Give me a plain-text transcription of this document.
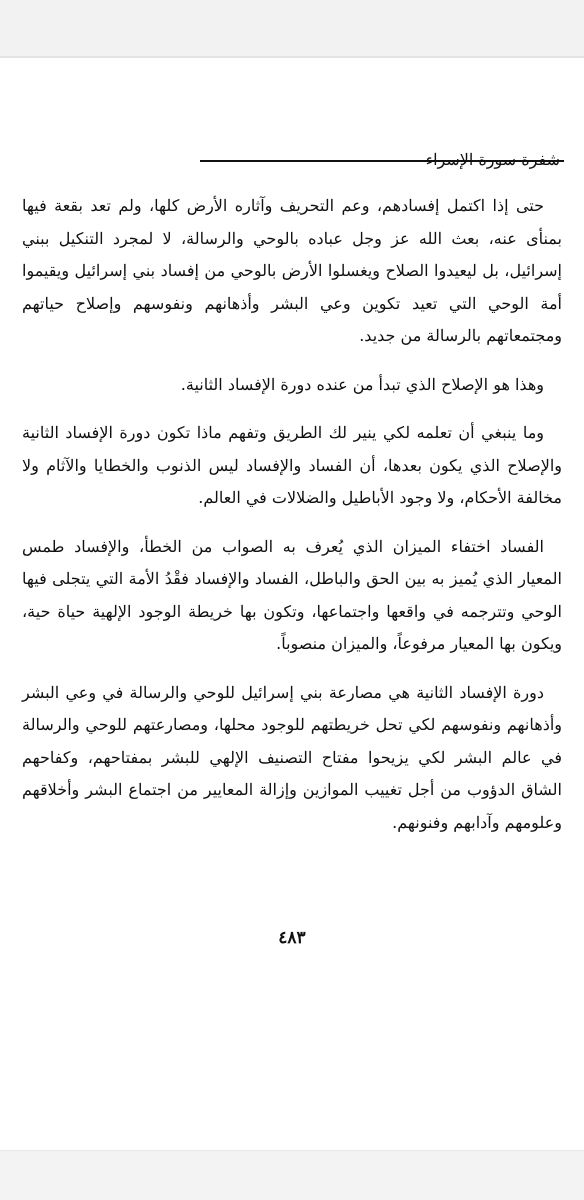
شفرة سورة الإسراء

حتى إذا اكتمل إفسادهم، وعم التحريف وآثاره الأرض كلها، ولم تعد بقعة فيها بمنأى عنه، بعث الله عز وجل عباده بالوحي والرسالة، لا لمجرد التنكيل ببني إسرائيل، بل ليعيدوا الصلاح ويغسلوا الأرض بالوحي من إفساد بني إسرائيل ويقيموا أمة الوحي التي تعيد تكوين وعي البشر وأذهانهم ونفوسهم وإصلاح حياتهم ومجتمعاتهم بالرسالة من جديد.

وهذا هو الإصلاح الذي تبدأ من عنده دورة الإفساد الثانية.

وما ينبغي أن تعلمه لكي ينير لك الطريق وتفهم ماذا تكون دورة الإفساد الثانية والإصلاح الذي يكون بعدها، أن الفساد والإفساد ليس الذنوب والخطايا والآثام ولا مخالفة الأحكام، ولا وجود الأباطيل والضلالات في العالم.

الفساد اختفاء الميزان الذي يُعرف به الصواب من الخطأ، والإفساد طمس المعيار الذي يُميز به بين الحق والباطل، الفساد والإفساد فقْدُ الأمة التي يتجلى فيها الوحي وتترجمه في واقعها واجتماعها، وتكون بها خريطة الوجود الإلهية حياة حية، ويكون بها المعيار مرفوعاً، والميزان منصوباً.

دورة الإفساد الثانية هي مصارعة بني إسرائيل للوحي والرسالة في وعي البشر وأذهانهم ونفوسهم لكي تحل خريطتهم للوجود محلها، ومصارعتهم للوحي والرسالة في عالم البشر لكي يزيحوا مفتاح التصنيف الإلهي للبشر بمفتاحهم، وكفاحهم الشاق الدؤوب من أجل تغييب الموازين وإزالة المعايير من اجتماع البشر وأخلاقهم وعلومهم وآدابهم وفنونهم.

٤٨٣
